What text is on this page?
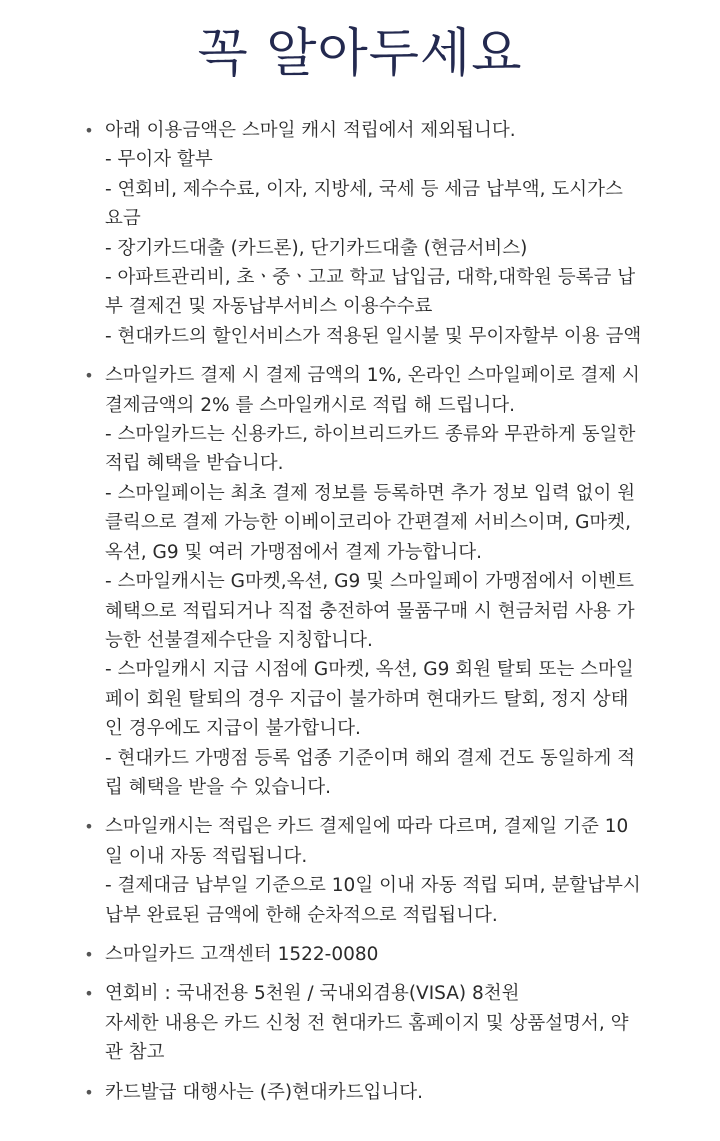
꼭 알아두세요
• 아래 이용금액은 스마일 캐시 적립에서 제외됩니다.
- 무이자 할부
- 연회비, 제수수료, 이자, 지방세, 국세 등 세금 납부액, 도시가스 요금
- 장기카드대출 (카드론), 단기카드대출 (현금서비스)
- 아파트관리비, 초ㆍ중ㆍ고교 학교 납입금, 대학,대학원 등록금 납부 결제건 및 자동납부서비스 이용수수료
- 현대카드의 할인서비스가 적용된 일시불 및 무이자할부 이용 금액
• 스마일카드 결제 시 결제 금액의 1%, 온라인 스마일페이로 결제 시 결제금액의 2% 를 스마일캐시로 적립 해 드립니다.
- 스마일카드는 신용카드, 하이브리드카드 종류와 무관하게 동일한 적립 혜택을 받습니다.
- 스마일페이는 최초 결제 정보를 등록하면 추가 정보 입력 없이 원클릭으로 결제 가능한 이베이코리아 간편결제 서비스이며, G마켓, 옥션, G9 및 여러 가맹점에서 결제 가능합니다.
- 스마일캐시는 G마켓,옥션, G9 및 스마일페이 가맹점에서 이벤트 혜택으로 적립되거나 직접 충전하여 물품구매 시 현금처럼 사용 가능한 선불결제수단을 지칭합니다.
- 스마일캐시 지급 시점에 G마켓, 옥션, G9 회원 탈퇴 또는 스마일페이 회원 탈퇴의 경우 지급이 불가하며 현대카드 탈회, 정지 상태인 경우에도 지급이 불가합니다.
- 현대카드 가맹점 등록 업종 기준이며 해외 결제 건도 동일하게 적립 혜택을 받을 수 있습니다.
• 스마일캐시는 적립은 카드 결제일에 따라 다르며, 결제일 기준 10일 이내 자동 적립됩니다.
- 결제대금 납부일 기준으로 10일 이내 자동 적립 되며, 분할납부시 납부 완료된 금액에 한해 순차적으로 적립됩니다.
• 스마일카드 고객센터 1522-0080
• 연회비 : 국내전용 5천원 / 국내외겸용(VISA) 8천원
자세한 내용은 카드 신청 전 현대카드 홈페이지 및 상품설명서, 약관 참고
• 카드발급 대행사는 (주)현대카드입니다.
